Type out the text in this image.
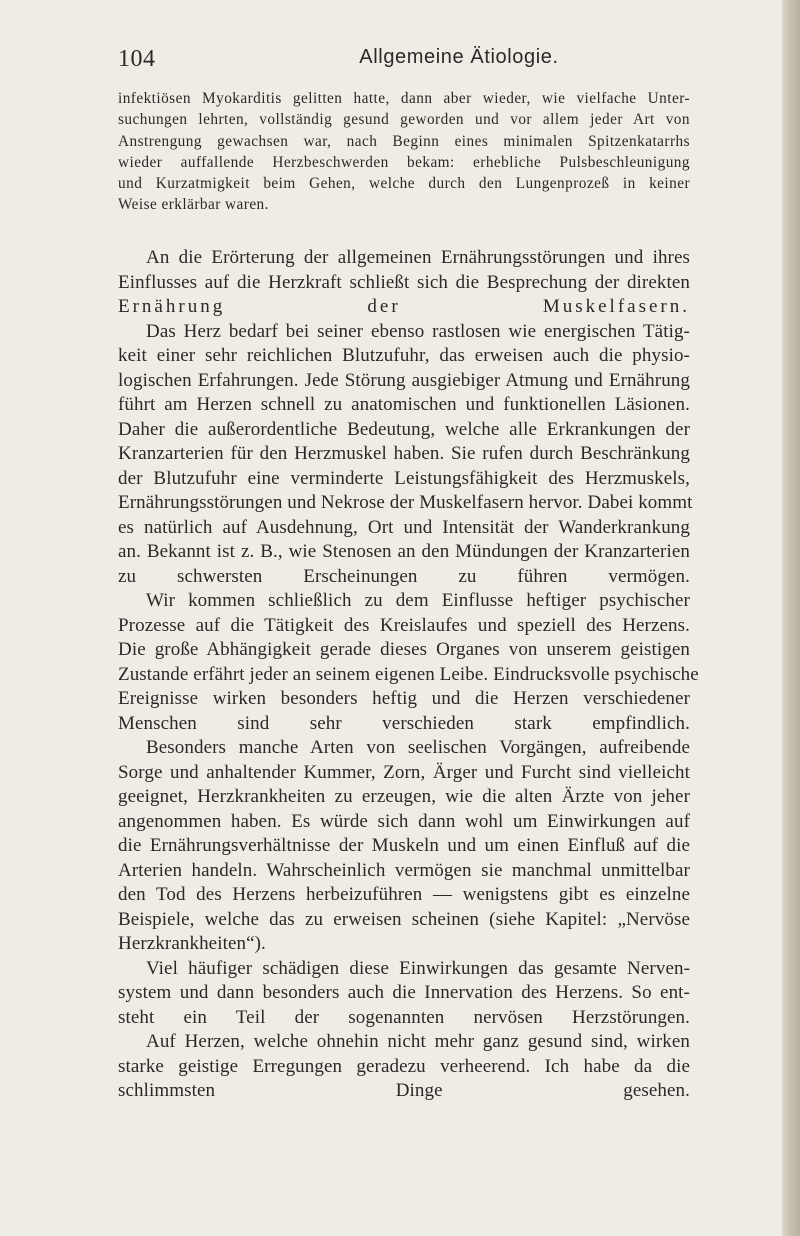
104	Allgemeine Ätiologie.
infektiösen Myokarditis gelitten hatte, dann aber wieder, wie vielfache Unter-
suchungen lehrten, vollständig gesund geworden und vor allem jeder Art von
Anstrengung gewachsen war, nach Beginn eines minimalen Spitzenkatarrhs
wieder auffallende Herzbeschwerden bekam: erhebliche Pulsbeschleunigung
und Kurzatmigkeit beim Gehen, welche durch den Lungenprozeß in keiner
Weise erklärbar waren.
An die Erörterung der allgemeinen Ernährungsstörungen und ihres
Einflusses auf die Herzkraft schließt sich die Besprechung der direkten
Ernährung der Muskelfasern.
Das Herz bedarf bei seiner ebenso rastlosen wie energischen Tätig-
keit einer sehr reichlichen Blutzufuhr, das erweisen auch die physio-
logischen Erfahrungen. Jede Störung ausgiebiger Atmung und Ernährung
führt am Herzen schnell zu anatomischen und funktionellen Läsionen.
Daher die außerordentliche Bedeutung, welche alle Erkrankungen der
Kranzarterien für den Herzmuskel haben. Sie rufen durch Beschränkung
der Blutzufuhr eine verminderte Leistungsfähigkeit des Herzmuskels,
Ernährungsstörungen und Nekrose der Muskelfasern hervor. Dabei kommt
es natürlich auf Ausdehnung, Ort und Intensität der Wanderkrankung
an. Bekannt ist z. B., wie Stenosen an den Mündungen der Kranzarterien
zu schwersten Erscheinungen zu führen vermögen.
Wir kommen schließlich zu dem Einflusse heftiger psychischer
Prozesse auf die Tätigkeit des Kreislaufes und speziell des Herzens.
Die große Abhängigkeit gerade dieses Organes von unserem geistigen
Zustande erfährt jeder an seinem eigenen Leibe. Eindrucksvolle psychische
Ereignisse wirken besonders heftig und die Herzen verschiedener
Menschen sind sehr verschieden stark empfindlich.
Besonders manche Arten von seelischen Vorgängen, aufreibende
Sorge und anhaltender Kummer, Zorn, Ärger und Furcht sind vielleicht
geeignet, Herzkrankheiten zu erzeugen, wie die alten Ärzte von jeher
angenommen haben. Es würde sich dann wohl um Einwirkungen auf
die Ernährungsverhältnisse der Muskeln und um einen Einfluß auf die
Arterien handeln. Wahrscheinlich vermögen sie manchmal unmittelbar
den Tod des Herzens herbeizuführen — wenigstens gibt es einzelne
Beispiele, welche das zu erweisen scheinen (siehe Kapitel: „Nervöse
Herzkrankheiten“).
Viel häufiger schädigen diese Einwirkungen das gesamte Nerven-
system und dann besonders auch die Innervation des Herzens. So ent-
steht ein Teil der sogenannten nervösen Herzstörungen.
Auf Herzen, welche ohnehin nicht mehr ganz gesund sind, wirken
starke geistige Erregungen geradezu verheerend. Ich habe da die
schlimmsten Dinge gesehen.
